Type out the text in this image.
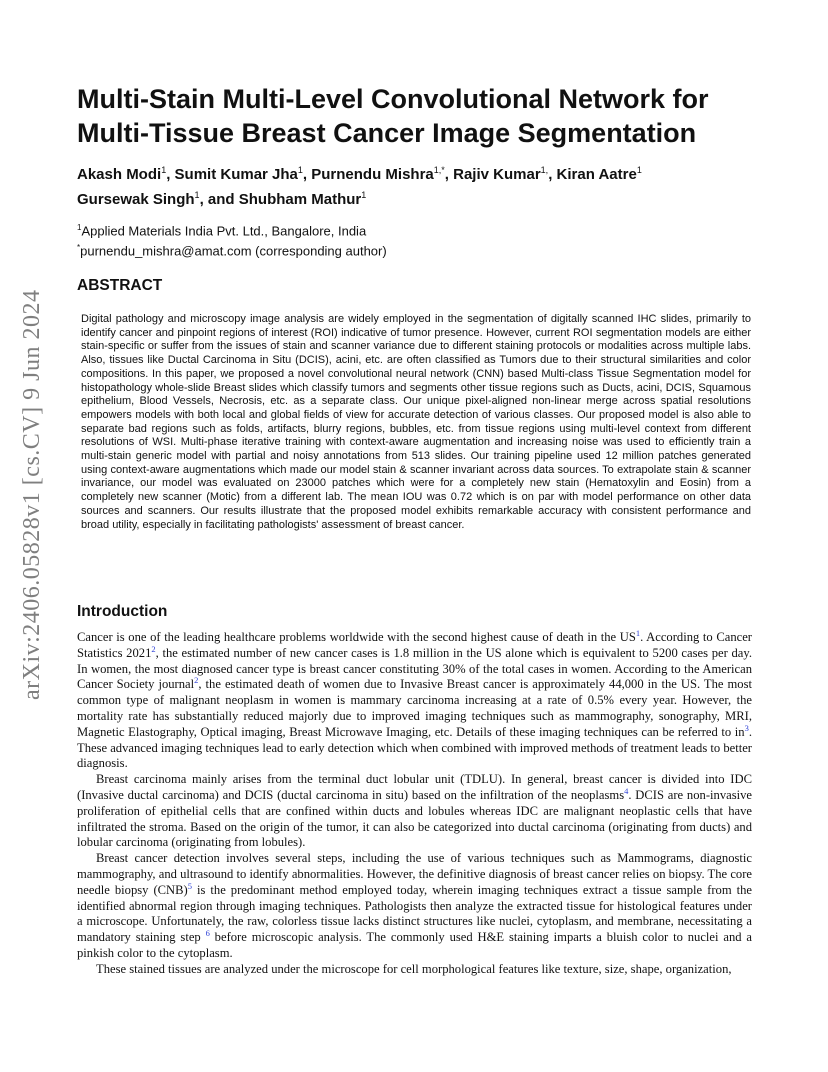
arXiv:2406.05828v1 [cs.CV] 9 Jun 2024
Multi-Stain Multi-Level Convolutional Network for Multi-Tissue Breast Cancer Image Segmentation
Akash Modi$^1$, Sumit Kumar Jha$^1$, Purnendu Mishra$^{1,*}$, Rajiv Kumar$^{1,}$, Kiran Aatre$^1$
Gursewak Singh$^1$, and Shubham Mathur$^1$
$^1$Applied Materials India Pvt. Ltd., Bangalore, India
*purnendu_mishra@amat.com (corresponding author)
ABSTRACT
Digital pathology and microscopy image analysis are widely employed in the segmentation of digitally scanned IHC slides, primarily to identify cancer and pinpoint regions of interest (ROI) indicative of tumor presence. However, current ROI segmentation models are either stain-specific or suffer from the issues of stain and scanner variance due to different staining protocols or modalities across multiple labs. Also, tissues like Ductal Carcinoma in Situ (DCIS), acini, etc. are often classified as Tumors due to their structural similarities and color compositions. In this paper, we proposed a novel convolutional neural network (CNN) based Multi-class Tissue Segmentation model for histopathology whole-slide Breast slides which classify tumors and segments other tissue regions such as Ducts, acini, DCIS, Squamous epithelium, Blood Vessels, Necrosis, etc. as a separate class. Our unique pixel-aligned non-linear merge across spatial resolutions empowers models with both local and global fields of view for accurate detection of various classes. Our proposed model is also able to separate bad regions such as folds, artifacts, blurry regions, bubbles, etc. from tissue regions using multi-level context from different resolutions of WSI. Multi-phase iterative training with context-aware augmentation and increasing noise was used to efficiently train a multi-stain generic model with partial and noisy annotations from 513 slides. Our training pipeline used 12 million patches generated using context-aware augmentations which made our model stain & scanner invariant across data sources. To extrapolate stain & scanner invariance, our model was evaluated on 23000 patches which were for a completely new stain (Hematoxylin and Eosin) from a completely new scanner (Motic) from a different lab. The mean IOU was 0.72 which is on par with model performance on other data sources and scanners. Our results illustrate that the proposed model exhibits remarkable accuracy with consistent performance and broad utility, especially in facilitating pathologists' assessment of breast cancer.
Introduction

Cancer is one of the leading healthcare problems worldwide with the second highest cause of death in the US$^1$. According to Cancer Statistics 2021$^2$, the estimated number of new cancer cases is 1.8 million in the US alone which is equivalent to 5200 cases per day. In women, the most diagnosed cancer type is breast cancer constituting 30% of the total cases in women. According to the American Cancer Society journal$^2$, the estimated death of women due to Invasive Breast cancer is approximately 44,000 in the US. The most common type of malignant neoplasm in women is mammary carcinoma increasing at a rate of 0.5% every year. However, the mortality rate has substantially reduced majorly due to improved imaging techniques such as mammography, sonography, MRI, Magnetic Elastography, Optical imaging, Breast Microwave Imaging, etc. Details of these imaging techniques can be referred to in$^3$. These advanced imaging techniques lead to early detection which when combined with improved methods of treatment leads to better diagnosis.

Breast carcinoma mainly arises from the terminal duct lobular unit (TDLU). In general, breast cancer is divided into IDC (Invasive ductal carcinoma) and DCIS (ductal carcinoma in situ) based on the infiltration of the neoplasms$^4$. DCIS are non-invasive proliferation of epithelial cells that are confined within ducts and lobules whereas IDC are malignant neoplastic cells that have infiltrated the stroma. Based on the origin of the tumor, it can also be categorized into ductal carcinoma (originating from ducts) and lobular carcinoma (originating from lobules).

Breast cancer detection involves several steps, including the use of various techniques such as Mammograms, diagnostic mammography, and ultrasound to identify abnormalities. However, the definitive diagnosis of breast cancer relies on biopsy. The core needle biopsy (CNB)$^5$ is the predominant method employed today, wherein imaging techniques extract a tissue sample from the identified abnormal region through imaging techniques. Pathologists then analyze the extracted tissue for histological features under a microscope. Unfortunately, the raw, colorless tissue lacks distinct structures like nuclei, cytoplasm, and membrane, necessitating a mandatory staining step $^6$ before microscopic analysis. The commonly used H&E staining imparts a bluish color to nuclei and a pinkish color to the cytoplasm.

These stained tissues are analyzed under the microscope for cell morphological features like texture, size, shape, organization,
